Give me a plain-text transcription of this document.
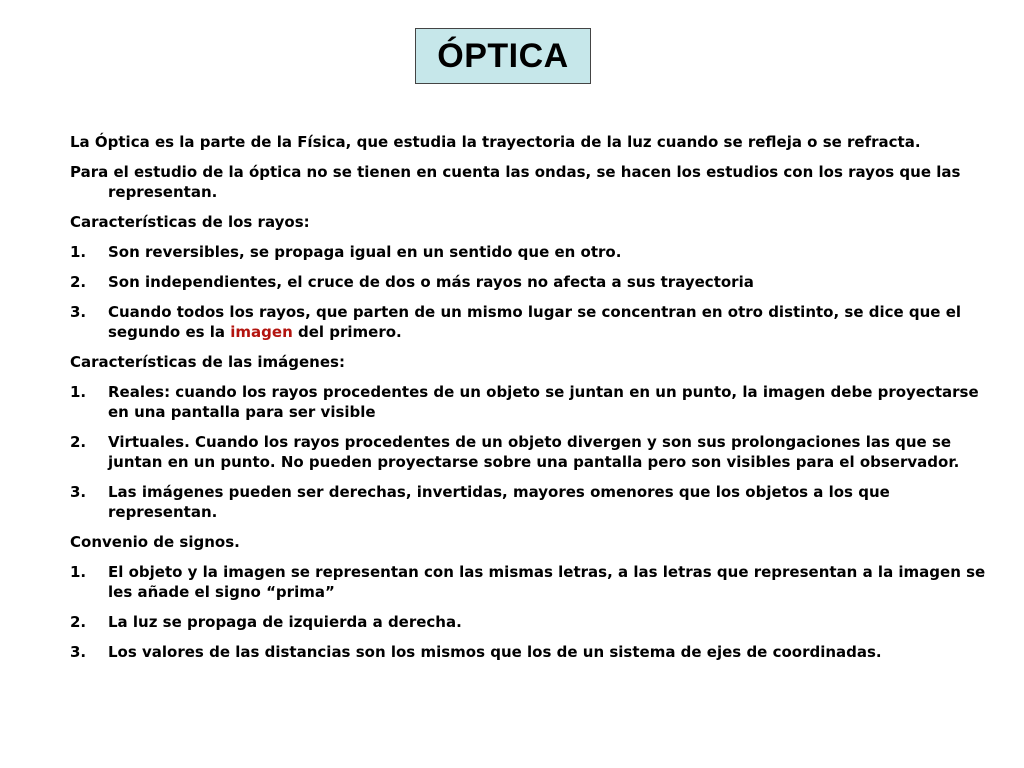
ÓPTICA

La Óptica es la parte de la Física, que estudia la trayectoria de la luz cuando se refleja o se refracta.

Para el estudio de la óptica no se tienen en cuenta las ondas, se hacen los estudios con los rayos que las representan.

Características de los rayos:

1.	Son reversibles, se propaga igual en un sentido que en otro.
2.	Son independientes, el cruce de dos o más rayos no afecta a sus trayectoria
3.	Cuando todos los rayos, que parten de un mismo lugar se concentran en otro distinto, se dice que el segundo es la imagen del primero.

Características de las imágenes:

1.	Reales: cuando los rayos procedentes de un objeto se juntan en un punto, la imagen debe proyectarse en una pantalla para ser visible
2.	Virtuales. Cuando los rayos procedentes de un objeto divergen y son sus prolongaciones las que se juntan en un punto. No pueden proyectarse sobre una pantalla pero son visibles para el observador.
3.	Las imágenes pueden ser derechas, invertidas, mayores omenores que los objetos a los que representan.

Convenio de signos.

1.	El objeto y la imagen se representan con las mismas letras, a las letras que representan a la imagen se les añade el signo “prima”
2.	La luz se propaga de izquierda a derecha.
3.	Los valores de las distancias son los mismos que los de un sistema de ejes de coordinadas.
